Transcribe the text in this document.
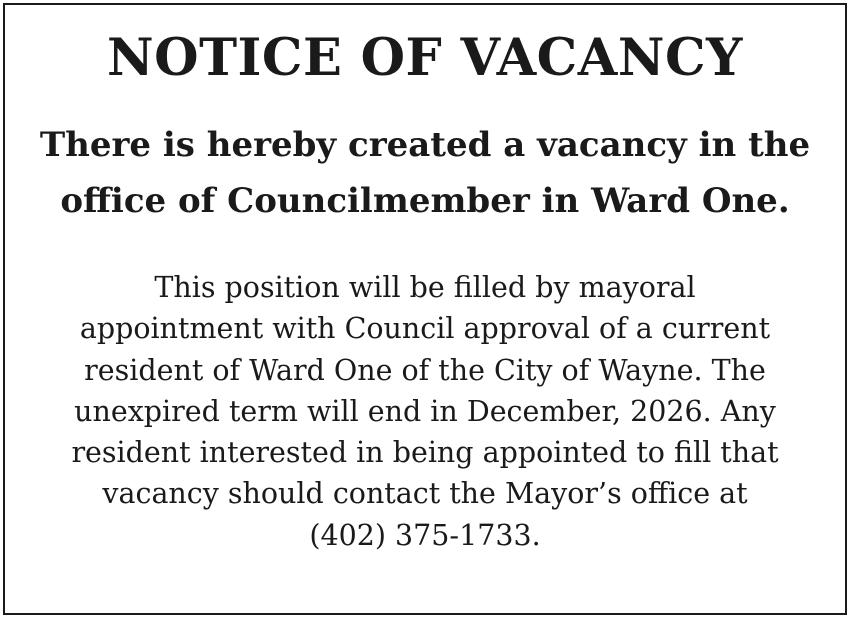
NOTICE OF VACANCY
There is hereby created a vacancy in the
office of Councilmember in Ward One.
This position will be filled by mayoral
appointment with Council approval of a current
resident of Ward One of the City of Wayne. The
unexpired term will end in December, 2026. Any
resident interested in being appointed to fill that
vacancy should contact the Mayor’s office at
(402) 375-1733.
